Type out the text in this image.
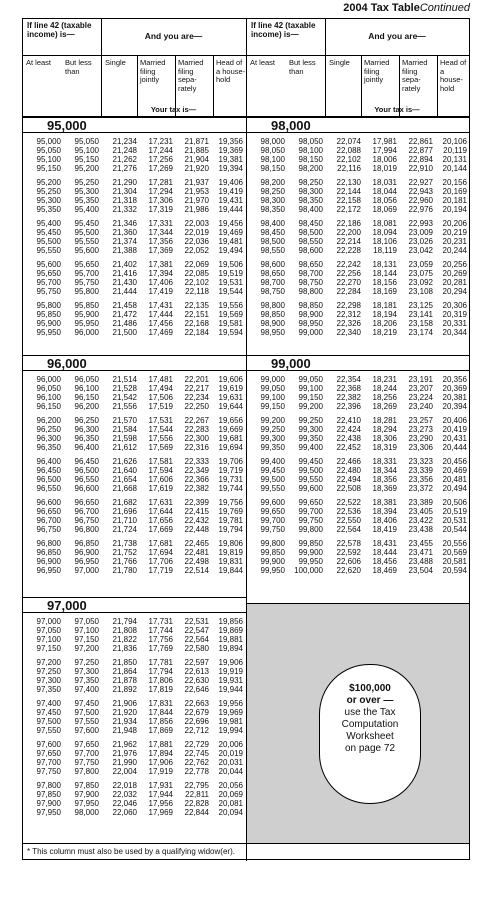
2004 Tax TableContinued
If line 42 (taxable income) is—	And you are—
At least	But less than
Single	Married filing jointly
Married filing sepa-rately
Head of a house-hold
Your tax is—
95,000
95,000	95,050	21,234	17,231	21,871	19,356
95,050	95,100	21,248	17,244	21,885	19,369
95,100	95,150	21,262	17,256	21,904	19,381
95,150	95,200	21,276	17,269	21,920	19,394
95,200	95,250	21,290	17,281	21,937	19,406
95,250	95,300	21,304	17,294	21,953	19,419
95,300	95,350	21,318	17,306	21,970	19,431
95,350	95,400	21,332	17,319	21,986	19,444
95,400	95,450	21,346	17,331	22,003	19,456
95,450	95,500	21,360	17,344	22,019	19,469
95,500	95,550	21,374	17,356	22,036	19,481
95,550	95,600	21,388	17,369	22,052	19,494
95,600	95,650	21,402	17,381	22,069	19,506
95,650	95,700	21,416	17,394	22,085	19,519
95,700	95,750	21,430	17,406	22,102	19,531
95,750	95,800	21,444	17,419	22,118	19,544
95,800	95,850	21,458	17,431	22,135	19,556
95,850	95,900	21,472	17,444	22,151	19,569
95,900	95,950	21,486	17,456	22,168	19,581
95,950	96,000	21,500	17,469	22,184	19,594
96,000
96,000	96,050	21,514	17,481	22,201	19,606
96,050	96,100	21,528	17,494	22,217	19,619
96,100	96,150	21,542	17,506	22,234	19,631
96,150	96,200	21,556	17,519	22,250	19,644
96,200	96,250	21,570	17,531	22,267	19,656
96,250	96,300	21,584	17,544	22,283	19,669
96,300	96,350	21,598	17,556	22,300	19,681
96,350	96,400	21,612	17,569	22,316	19,694
96,400	96,450	21,626	17,581	22,333	19,706
96,450	96,500	21,640	17,594	22,349	19,719
96,500	96,550	21,654	17,606	22,366	19,731
96,550	96,600	21,668	17,619	22,382	19,744
96,600	96,650	21,682	17,631	22,399	19,756
96,650	96,700	21,696	17,644	22,415	19,769
96,700	96,750	21,710	17,656	22,432	19,781
96,750	96,800	21,724	17,669	22,448	19,794
96,800	96,850	21,738	17,681	22,465	19,806
96,850	96,900	21,752	17,694	22,481	19,819
96,900	96,950	21,766	17,706	22,498	19,831
96,950	97,000	21,780	17,719	22,514	19,844
97,000
97,000	97,050	21,794	17,731	22,531	19,856
97,050	97,100	21,808	17,744	22,547	19,869
97,100	97,150	21,822	17,756	22,564	19,881
97,150	97,200	21,836	17,769	22,580	19,894
97,200	97,250	21,850	17,781	22,597	19,906
97,250	97,300	21,864	17,794	22,613	19,919
97,300	97,350	21,878	17,806	22,630	19,931
97,350	97,400	21,892	17,819	22,646	19,944
97,400	97,450	21,906	17,831	22,663	19,956
97,450	97,500	21,920	17,844	22,679	19,969
97,500	97,550	21,934	17,856	22,696	19,981
97,550	97,600	21,948	17,869	22,712	19,994
97,600	97,650	21,962	17,881	22,729	20,006
97,650	97,700	21,976	17,894	22,745	20,019
97,700	97,750	21,990	17,906	22,762	20,031
97,750	97,800	22,004	17,919	22,778	20,044
97,800	97,850	22,018	17,931	22,795	20,056
97,850	97,900	22,032	17,944	22,811	20,069
97,900	97,950	22,046	17,956	22,828	20,081
97,950	98,000	22,060	17,969	22,844	20,094
If line 42 (taxable income) is—	And you are—
At least	But less than
Single	Married filing jointly
Married filing sepa-rately
Head of a house-hold
Your tax is—
98,000
98,000	98,050	22,074	17,981	22,861	20,106
98,050	98,100	22,088	17,994	22,877	20,119
98,100	98,150	22,102	18,006	22,894	20,131
98,150	98,200	22,116	18,019	22,910	20,144
98,200	98,250	22,130	18,031	22,927	20,156
98,250	98,300	22,144	18,044	22,943	20,169
98,300	98,350	22,158	18,056	22,960	20,181
98,350	98,400	22,172	18,069	22,976	20,194
98,400	98,450	22,186	18,081	22,993	20,206
98,450	98,500	22,200	18,094	23,009	20,219
98,500	98,550	22,214	18,106	23,026	20,231
98,550	98,600	22,228	18,119	23,042	20,244
98,600	98,650	22,242	18,131	23,059	20,256
98,650	98,700	22,256	18,144	23,075	20,269
98,700	98,750	22,270	18,156	23,092	20,281
98,750	98,800	22,284	18,169	23,108	20,294
98,800	98,850	22,298	18,181	23,125	20,306
98,850	98,900	22,312	18,194	23,141	20,319
98,900	98,950	22,326	18,206	23,158	20,331
98,950	99,000	22,340	18,219	23,174	20,344
99,000
99,000	99,050	22,354	18,231	23,191	20,356
99,050	99,100	22,368	18,244	23,207	20,369
99,100	99,150	22,382	18,256	23,224	20,381
99,150	99,200	22,396	18,269	23,240	20,394
99,200	99,250	22,410	18,281	23,257	20,406
99,250	99,300	22,424	18,294	23,273	20,419
99,300	99,350	22,438	18,306	23,290	20,431
99,350	99,400	22,452	18,319	23,306	20,444
99,400	99,450	22,466	18,331	23,323	20,456
99,450	99,500	22,480	18,344	23,339	20,469
99,500	99,550	22,494	18,356	23,356	20,481
99,550	99,600	22,508	18,369	23,372	20,494
99,600	99,650	22,522	18,381	23,389	20,506
99,650	99,700	22,536	18,394	23,405	20,519
99,700	99,750	22,550	18,406	23,422	20,531
99,750	99,800	22,564	18,419	23,438	20,544
99,800	99,850	22,578	18,431	23,455	20,556
99,850	99,900	22,592	18,444	23,471	20,569
99,900	99,950	22,606	18,456	23,488	20,581
99,950	100,000	22,620	18,469	23,504	20,594
$100,000
or over —
use the Tax
Computation
Worksheet
on page 72
* This column must also be used by a qualifying widow(er).
